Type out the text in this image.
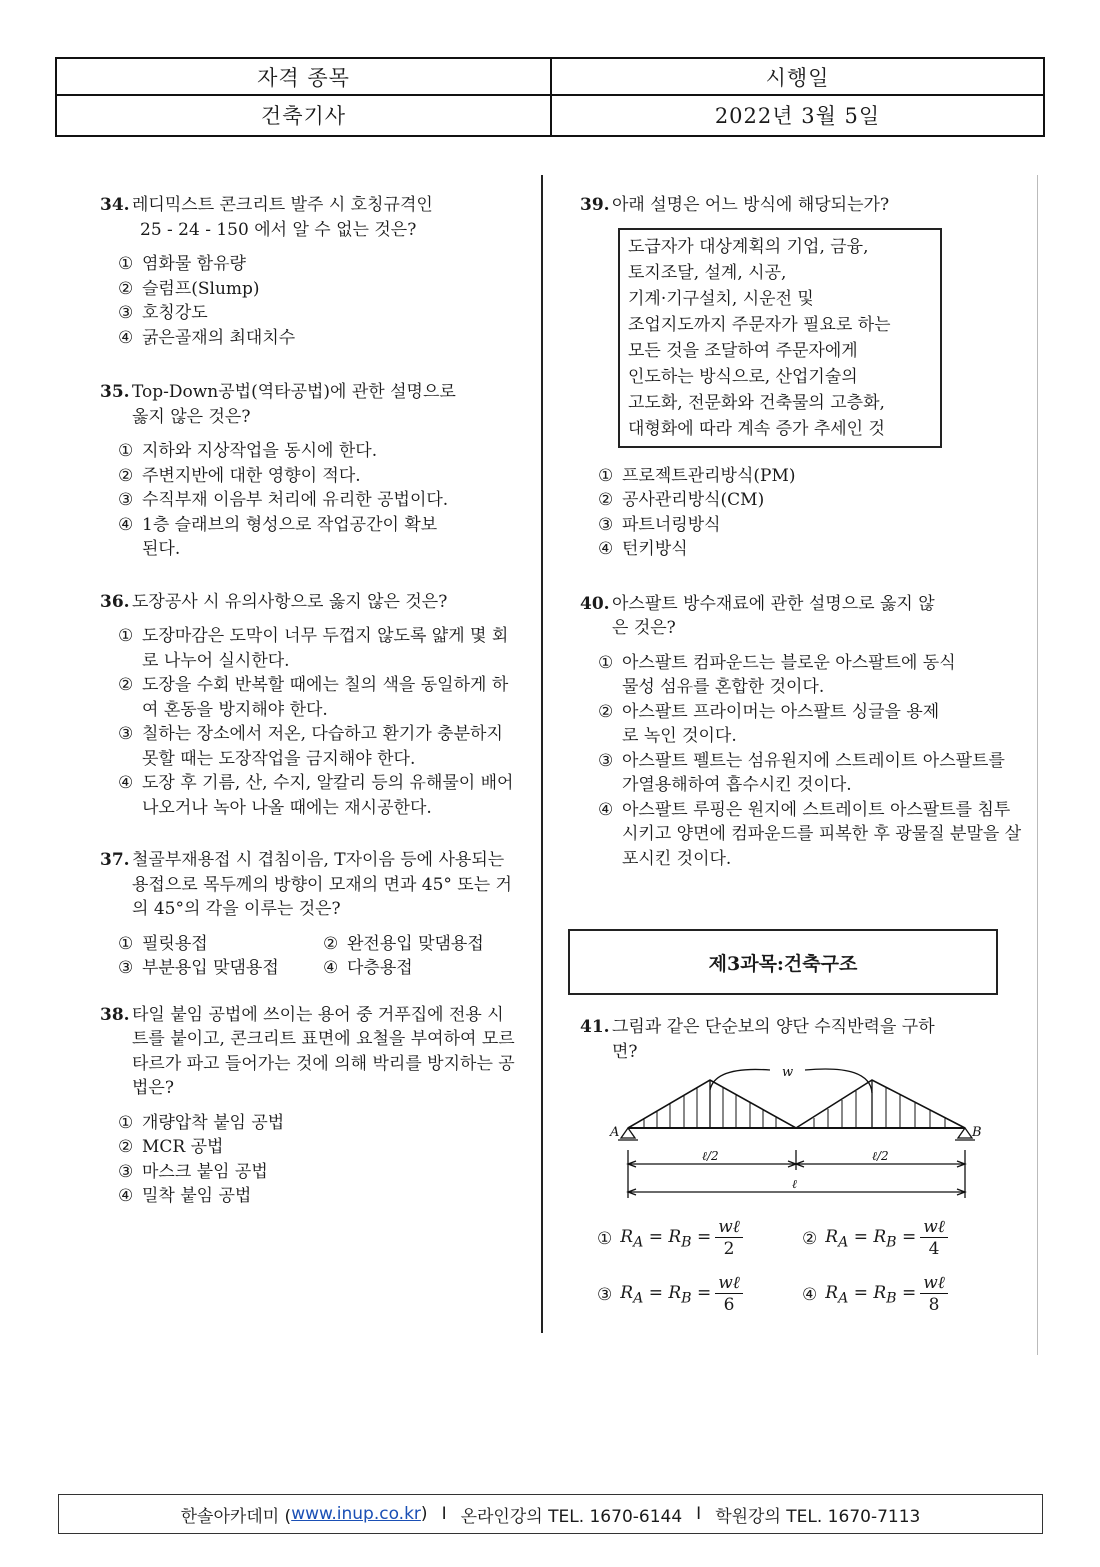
자격 종목	시행일
건축기사	2022년 3월 5일
34. 레디믹스트 콘크리트 발주 시 호칭규격인
25 - 24 - 150 에서 알 수 없는 것은?
① 염화물 함유량
② 슬럼프(Slump)
③ 호칭강도
④ 굵은골재의 최대치수
35. Top-Down공법(역타공법)에 관한 설명으로
옳지 않은 것은?
① 지하와 지상작업을 동시에 한다.
② 주변지반에 대한 영향이 적다.
③ 수직부재 이음부 처리에 유리한 공법이다.
④ 1층 슬래브의 형성으로 작업공간이 확보된다.
36. 도장공사 시 유의사항으로 옳지 않은 것은?
① 도장마감은 도막이 너무 두껍지 않도록 얇게 몇 회로 나누어 실시한다.
② 도장을 수회 반복할 때에는 칠의 색을 동일하게 하여 혼동을 방지해야 한다.
③ 칠하는 장소에서 저온, 다습하고 환기가 충분하지 못할 때는 도장작업을 금지해야 한다.
④ 도장 후 기름, 산, 수지, 알칼리 등의 유해물이 배어 나오거나 녹아 나올 때에는 재시공한다.
37. 철골부재용접 시 겹침이음, T자이음 등에 사용되는 용접으로 목두께의 방향이 모재의 면과 45° 또는 거의 45°의 각을 이루는 것은?
① 필릿용접	② 완전용입 맞댐용접
③ 부분용입 맞댐용접	④ 다층용접
38. 타일 붙임 공법에 쓰이는 용어 중 거푸집에 전용 시트를 붙이고, 콘크리트 표면에 요철을 부여하여 모르타르가 파고 들어가는 것에 의해 박리를 방지하는 공법은?
① 개량압착 붙임 공법
② MCR 공법
③ 마스크 붙임 공법
④ 밀착 붙임 공법
39. 아래 설명은 어느 방식에 해당되는가?
도급자가 대상계획의 기업, 금융,
토지조달, 설계, 시공,
기계·기구설치, 시운전 및
조업지도까지 주문자가 필요로 하는
모든 것을 조달하여 주문자에게
인도하는 방식으로, 산업기술의
고도화, 전문화와 건축물의 고층화,
대형화에 따라 계속 증가 추세인 것
① 프로젝트관리방식(PM)
② 공사관리방식(CM)
③ 파트너링방식
④ 턴키방식
40. 아스팔트 방수재료에 관한 설명으로 옳지 않은 것은?
① 아스팔트 컴파운드는 블로운 아스팔트에 동식물성 섬유를 혼합한 것이다.
② 아스팔트 프라이머는 아스팔트 싱글을 용제로 녹인 것이다.
③ 아스팔트 펠트는 섬유원지에 스트레이트 아스팔트를 가열용해하여 흡수시킨 것이다.
④ 아스팔트 루핑은 원지에 스트레이트 아스팔트를 침투 시키고 양면에 컴파운드를 피복한 후 광물질 분말을 살포시킨 것이다.
제3과목:건축구조
41. 그림과 같은 단순보의 양단 수직반력을 구하면?
w
A	B
ℓ/2	ℓ/2
ℓ
① $R_A = R_B = \frac{\text{wℓ}}{2}$	② $R_A = R_B = \frac{\text{wℓ}}{4}$
③ $R_A = R_B = \frac{\text{wℓ}}{6}$	④ $R_A = R_B = \frac{\text{wℓ}}{8}$
한솔아카데미 ( www.inup.co.kr ) I 온라인강의 TEL. 1670-6144 I 학원강의 TEL. 1670-7113
